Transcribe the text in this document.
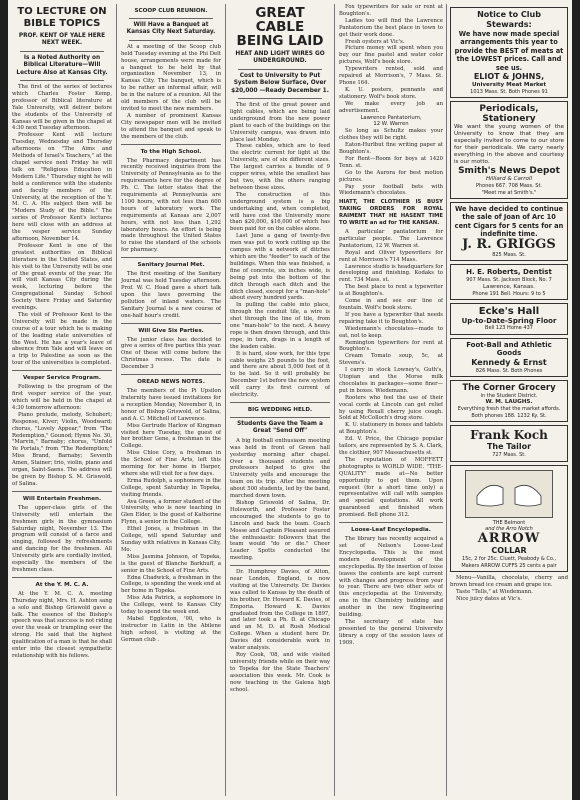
TO LECTURE ON BIBLE TOPICS
PROF. KENT OF YALE HERE NEXT WEEK.
Is a Noted Authority on Biblical Literature—Will Lecture Also at Kansas City.

The first of the series of lectures which Charles Foster Kemp, professor of Biblical literature at Yale University, will deliver before the students of the University of Kansas will be given in the chapel at 4:30 next Tuesday afternoon.

Professor Kent will lecture Tuesday, Wednesday and Thursday afternoons on "The Aims and Methods of Israel's Teachers," at the chapel service next Friday he will talk on "Religious Education in Modern Life." Thursday night he will hold a conference with the students and faculty members of the University, at the reception of the Y. M. C. A. His subject then will be "Modern Study of the Bible." The series of Professor Kent's lectures here will close with an address at the vesper service Sunday afternoon, November 14.

Professor Kent is one of the greatest authorities on Biblical literature in the United States, and his visit to the University will be one of the great events of the year. He will visit Kansas City during the week, lecturing before the Congregational Sunday School Society there Friday and Saturday evenings.

The visit of Professor Kent to the University will be made in the course of a tour which he is making of the leading state universities of the West. He has a year's leave of absence from Yale and will leave on a trip to Palestine as soon as the tour of the universities is completed.

Vesper Service Program.

Following is the program of the first vesper service of the year, which will be held in the chapel at 4:30 tomorrow afternoon:

Piano prelude, melody, Schubert; Response, Kiver; Violin, Woodward; chorus, "Lovely Appear," from "The Redemption," Gounod; Hymn No. 30, "Marvin," Barnaby; chorus, "Unfold Ye Portals," from "The Redemption;" Miss Brand, Barnaby; Seventh Amen, Stainer; trio, violin, piano and organ, Saint-Saens. The address will be given by Bishop S. M. Griswold, of Salina.

Will Entertain Freshmen.

The upper-class girls of the University will entertain the freshmen girls in the gymnasium Saturday night, November 13. The program will consist of a farce and singing, followed by refreshments and dancing for the freshmen. All University girls are cordially invited, especially the members of the freshmen class.

At the Y. M. C. A.

At the Y. M. C. A. meeting Thursday night, Mrs. H. Ashton sang a solo and Bishop Griswold gave a talk. The essence of the Bishop's speech was that success is not riding over the weak or trampling over the strong. He said that the highest qualification of a man is that he shall enter into the closest sympathetic relationship with his fellows.

SCOOP CLUB REUNION.
Will Have a Banquet at Kansas City Next Saturday.

At a meeting of the Scoop club held Tuesday evening at the Phi Delt house, arrangements were made for a banquet to be held by that organization November 13, in Kansas City. The banquet, which is to be rather an informal affair, will be in the nature of a reunion. All the old members of the club will be invited to meet the new members.

A number of prominent Kansas City newspaper men will be invited to attend the banquet and speak to the members of the club.

To the High School.

The Pharmacy department has recently received inquiries from the University of Pennsylvania as to the requirements here for the degree of Ph. C. The letter states that the requirements at Pennsylvania are 1100 hours, with not less than 600 hours of laboratory work. The requirements at Kansas are 2,007 hours, with not less than 1,292 laboratory hours. An effort is being made throughout the United States to raise the standard of the schools for pharmacy.

Sanitary Journal Met.

The first meeting of the Sanitary Journal was held Tuesday afternoon. Prof. W. C. Hoad gave a short talk upon the laws governing the pollution of inland waters. The Sanitary Journal is a new course of one-half hour's credit.

Will Give Six Parties.

The junior class has decided to give a series of five parties this year. One of these will come before the Christmas recess. The date is December 3

OREAD NEWS NOTES.

The members of the Pi Upsilon fraternity have issued invitations for a reception Monday, November 8, in honor of Bishop Griswold, of Salina, and A. C. Mitchell of Lawrence.

Miss Gertrude Harlow of Kingman visited here Tuesday, the guest of her brother Gene, a freshman in the College.

Miss Chloe Cory, a freshman in the School of Fine Arts, left this morning for her home in Harper, where she will visit for a few days.

Erma Rudolph, a sophomore in the College, spent Saturday in Topeka, visiting friends.

Ava Green, a former student of the University, who is now teaching in Glen Elder, is the guest of Katherine Flynn, a senior in the College.

Ethel Jones, a freshman in the College, will spend Saturday and Sunday with relatives in Kansas City, Mo.

Miss Jasmina Johnson, of Topeka, is the guest of Blanche Barkhuff, a senior in the School of Fine Arts.

Edna Chadwick, a freshman in the College, is spending the week end at her home in Topeka.

Miss Ada Patrick, a sophomore in the College, went to Kansas City today to spend the week end.

Mabel Eggleston, '00, who is instructor in Latin in the Abilene high school, is visiting at the German club .

GREAT CABLE BEING LAID
HEAT AND LIGHT WIRES GO UNDERGROUND.
Cost to University to Put System Below Surface, Over $20,000 —Ready December 1.

The first of the great power and light cables, which are being laid underground from the new power plant to each of the buildings on the University campus, was drawn into place last Monday.

These cables, which are to feed the electric current for light at the University, are of six different sizes. The largest carries a bundle of 9 copper wires, while the smallest has but two, with the others ranging between these sizes.

The construction of this underground system is a big undertaking and, when completed, will have cost the University more than $20,000, $16,000 of which has been paid for on the cables alone.

Last June a gang of twenty-five men was put to work cutting up the campus with a network of ditches which are the "feeder" to each of the buildings. When this was finished, a fine of concrete, six inches wide, is being put into the bottom of the ditch through each ditch and the ditch closed, except for a "man-hole" about every hundred yards.

In pulling the cable into place, through the conduit tile, a wire is shot through the line of tile, from one "man-hole" to the next. A heavy rope is then drawn through, and this rope, in turn, drags in a length of the leaden cable.

It is hard, slow work, for this type cable weighs 25 pounds to the foot, and there are about 5,000 feet of it to be laid. So it will probably be December 1st before the new system will carry its first current of electricity.

BIG WEDDING HELD.
Students Gave the Team a Great "Send Off"

A big football enthusiasm meeting was held in front of Green hall yesterday morning after chapel. Over a thousand students and professors helped to give the University yells and encourage the team on its trip. After the meeting about 500 students, led by the band, marched down town.

Bishop Griswold of Salina, Dr. Holsworth, and Professor Foster encouraged the students to go to Lincoln and back the team. Coach Mosse and Captain Pleasant assured the enthusiastic followers that the team would "do or die." Cheer Leader Spotts conducted the meeting.

Dr. Humphrey Davies, of Alton, near London, England, is now visiting at the University. Dr. Davies was called to Kansas by the death of his brother, Dr. Howard K. Davies, of Emporia. Howard K. Davies graduated from the College in 1897, and later took a Ph. D. at Chicago and an M. D. at Rush Medical College. When a student here Dr. Davies did considerable work in water analysis.

Roy Cook, '08, and wife visited university friends while on their way to Topeka for the State Teachers' association this week. Mr. Cook is now teaching in the Galena high school.

Fox typewriters for sale or rent at Boughton's.

Ladies too will find the Lawrence Pantatorium the best place in town to get their work done.

Fresh oysters at Vic's.

Picture money will spent when you buy our fine pastel and water color pictures, Wolf's book store.

Typewriters rented, sold and repaired at Morrison's, 7 Mass. St. Phone 164.

K. U. posters, pennants and stationery. Wolf's book store.

We make every job an advertisement.

Lawrence Pantatorium,
12 W. Warren

So long as Schultz makes your clothes they will be right.

Eaton-Hurlbut fine writing paper at Boughton's.

For Rent—Room for boys at 1420 Tenn. st.

Go to the Aurora for best motion pictures.

Pay your football bets with Wiedemann's chocolates.

HIATT, THE CLOTHIER IS BUSY TAKING ORDERS FOR ROYAL RAIMENT THAT HE HASENT TIME TO WRITE an ad for THE KANSAN.

A particular pantatorium for particular people. The Lawrence Pantatorium, 12 W. Warren st.

Royal and Oliver typewriters for rent at Morrison's 714 Mass.

Lawrence studio is headquarters for developing and finishing. Kodaks to rent. 734 Mass. st.

The best place to rent a typewriter is at Boughton's.

Come in and see our line of fountain. Wolf's book store.

If you have a typewriter that needs repairing take it to Boughton's.

Wiedemann's chocolates—made to eat, not to keep.

Remington typewriters for rent at Boughton's.

Cream Tomato soup, 5c, at Stevens's.

I carry in stock Lowney's, Guth's, Utopian and the Morse milk chocolates in packages—some finer—put in boxes. Wiedemann.

Rooters who feel the use of their vocal cords at Lincoln can get relief by using Rexall cherry juice cough. Sold at McColloch's drug store.

K. U. stationery in boxes and tablets at Boughton's.

Ed. V. Price, the Chicago popular tailors, are represented by S. A. Clark, the clothier, 907 Massachusetts st.

The reputation of MOFFETT photographs is WORLD WIDE. "THE-QUALITY" made at—No better opportunity to get them. Upon request (for a short time only) a representative will call with samples and special quotations. All work guaranteed and finished when promised. Bell phone 312.

Loose-Leaf Encyclopedia.

The library has recently acquired a set of Nelson's Loose-Leaf Encyclopedia. This is the most modern development of the encyclopedia. By the insertion of loose leaves the contents are kept current with changes and progress from year to year. There are two other sets of this encyclopedia at the University, one in the Chemistry building and another in the new Engineering building.

The secretary of state has presented to the general University library a copy of the session laws of 1909.

Notice to Club Stewards:
We have now made special arrangements this year to provide the BEST of meats at the LOWEST prices. Call and see us.
ELIOT & JOHNS,
University Meat Market
1013 Mass. St. Both Phones 91
Periodicals, Stationery
We want the young women of the University to know that they are especially invited to come to our store for their periodicals. We carry nearly everything in the above and courtesy is our motto.
Smith's News Depot
Hilliard & Carroll
Phones 667. 708 Mass. St.
"Meet me at Smith's."
We have decided to continue the sale of Joan of Arc 10 cent Cigars for 5 cents for an indefinite time.
J. R. GRIGGS
825 Mass. St.
H. E. Roberts, Dentist
907 Mass. St. Jackson Block, No. 7
Lawrence, Kansas.
Phone 191 Bell. Hours: 9 to 5
Ecke's Hall
Up-to-Date-Spring Floor
Bell 123 Home 437
Foot-Ball and Athletic Goods
Kennedy & Ernst
826 Mass. St. Both Phones
The Corner Grocery
in the Student District.
W. M. LAUGHS.
Everything fresh that the market affords. Both phones 188. 1232 Ky. St.
Frank Koch
The Tailor
727 Mass. St.
THE Belmont
and the Arro Notch
ARROW
COLLAR
15c, 2 for 25c. Cluett, Peabody & Co., Makers ARROW CUFFS 25 cents a pair

Menu—Vanilla, chocolate, cherry and brown bread ice cream and grape ice.

Taste "Tells," at Wiedemann.

Nice juicy dates at Vic's.
